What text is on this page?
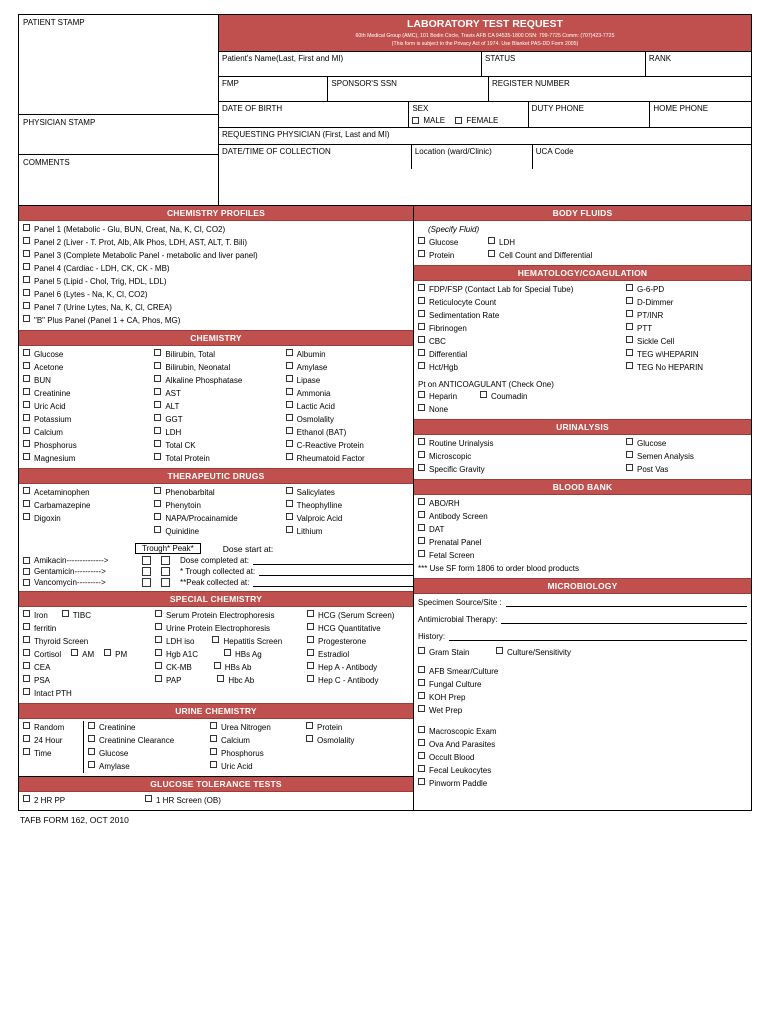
PATIENT STAMP
PHYSICIAN STAMP
COMMENTS
LABORATORY TEST REQUEST
60th Medical Group (AMC), 101 Bodin Circle, Travis AFB CA 94535-1800 DSN: 799-7725 Comm: (707)423-7725
(This form is subject to the Privacy Act of 1974. Use Blanket PAS-DD Form 2005)
Patient's Name(Last, First and MI)	STATUS	RANK
FMP	SPONSOR'S SSN	REGISTER NUMBER
DATE OF BIRTH	SEX
MALE	FEMALE
DUTY PHONE	HOME PHONE
REQUESTING PHYSICIAN (First, Last and MI)
DATE/TIME OF COLLECTION	Location (ward/Clinic)	UCA Code
CHEMISTRY PROFILES
Panel 1 (Metabolic - Glu, BUN, Creat, Na, K, Cl, CO2)
Panel 2 (Liver - T. Prot, Alb, Alk Phos, LDH, AST, ALT, T. Bili)
Panel 3 (Complete Metabolic Panel - metabolic and liver panel)
Panel 4 (Cardiac - LDH, CK, CK - MB)
Panel 5 (Lipid - Chol, Trig, HDL, LDL)
Panel 6 (Lytes - Na, K, Cl, CO2)
Panel 7 (Urine Lytes, Na, K, Cl, CREA)
"B" Plus Panel (Panel 1 + CA, Phos, MG)
CHEMISTRY
Glucose
Acetone
BUN
Creatinine
Uric Acid
Potassium
Calcium
Phosphorus
Magnesium
Bilirubin, Total
Bilirubin, Neonatal
Alkaline Phosphatase
AST
ALT
GGT
LDH
Total CK
Total Protein
Albumin
Amylase
Lipase
Ammonia
Lactic Acid
Osmolality
Ethanol (BAT)
C-Reactive Protein
Rheumatoid Factor
THERAPEUTIC DRUGS
Acetaminophen
Carbamazepine
Digoxin
Phenobarbital
Phenytoin
NAPA/Procainamide
Quinidine
Salicylates
Theophylline
Valproic Acid
Lithium
Trough* Peak*	Dose start at:
Amikacin-------------->	Dose completed at:
Gentamicin---------->	* Trough collected at:
Vancomycin--------->	**Peak collected at:
SPECIAL CHEMISTRY
Iron	TIBC
ferritin
Thyroid Screen
Cortisol	AM	PM
CEA
PSA
Intact PTH
Serum Protein Electrophoresis
Urine Protein Electrophoresis
LDH iso	Hepatitis Screen
Hgb A1C	HBs Ag
CK-MB	HBs Ab
PAP	Hbc Ab
HCG (Serum Screen)
HCG Quantitative
Progesterone
Estradiol
Hep A - Antibody
Hep C - Antibody
URINE CHEMISTRY
Random
24 Hour
Time
Creatinine
Creatinine Clearance
Glucose
Amylase
Urea Nitrogen
Calcium
Phosphorus
Uric Acid
Protein
Osmolality
GLUCOSE TOLERANCE TESTS
2 HR PP	1 HR Screen (OB)
BODY FLUIDS
(Specify Fluid)
Glucose	LDH
Protein	Cell Count and Differential
HEMATOLOGY/COAGULATION
FDP/FSP (Contact Lab for Special Tube)
Reticulocyte Count
Sedimentation Rate
Fibrinogen
CBC
Differential
Hct/Hgb
G-6-PD
D-Dimmer
PT/INR
PTT
Sickle Cell
TEG w\HEPARIN
TEG No HEPARIN
Pt on ANTICOAGULANT (Check One)
Heparin	Coumadin
None
URINALYSIS
Routine Urinalysis
Microscopic
Specific Gravity
Glucose
Semen Analysis
Post Vas
BLOOD BANK
ABO/RH
Antibody Screen
DAT
Prenatal Panel
Fetal Screen
*** Use SF form 1806 to order blood products
MICROBIOLOGY
Specimen Source/Site :
Antimicrobial Therapy:
History:
Gram Stain	Culture/Sensitivity
AFB Smear/Culture
Fungal Culture
KOH Prep
Wet Prep
Macroscopic Exam
Ova And Parasites
Occult Blood
Fecal Leukocytes
Pinworm Paddle
TAFB FORM 162, OCT 2010
